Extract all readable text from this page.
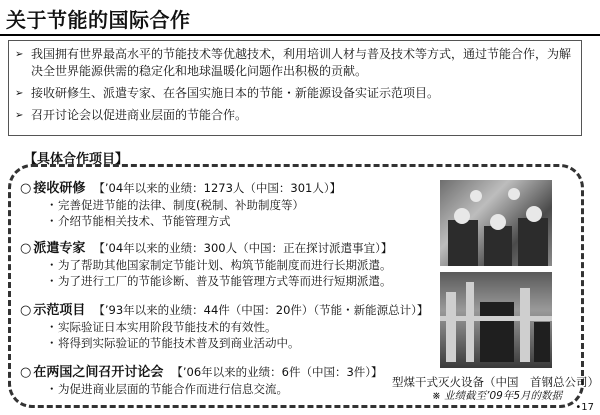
关于节能的国际合作
➢ 我国拥有世界最高水平的节能技术等优越技术，利用培训人材与普及技术等方式，通过节能合作，为解决全世界能源供需的稳定化和地球温暖化问题作出积极的贡献。
➢ 接收研修生、派遣专家、在各国实施日本的节能・新能源设备实证示范项目。
➢ 召开讨论会以促进商业层面的节能合作。
【具体合作项目】
○ 接收研修 【’04年以来的业绩：1273人（中国：301人）】
・完善促进节能的法律、制度(税制、补助制度等）
・介绍节能相关技术、节能管理方式
○ 派遣专家 【’04年以来的业绩：300人（中国：正在探讨派遣事宜）】
・为了帮助其他国家制定节能计划、构筑节能制度而进行长期派遣。
・为了进行工厂的节能诊断、普及节能管理方式等而进行短期派遣。
○ 示范项目 【’93年以来的业绩：44件（中国：20件）（节能・新能源总计）】
・实际验证日本实用阶段节能技术的有效性。
・将得到实际验证的节能技术普及到商业活动中。
○ 在两国之间召开讨论会 【’06年以来的业绩：6件（中国：3件）】
・为促进商业层面的节能合作而进行信息交流。	型煤干式灭火设备（中国　首钢总公司）
※ 业绩截至’09年5月的数据
•17
